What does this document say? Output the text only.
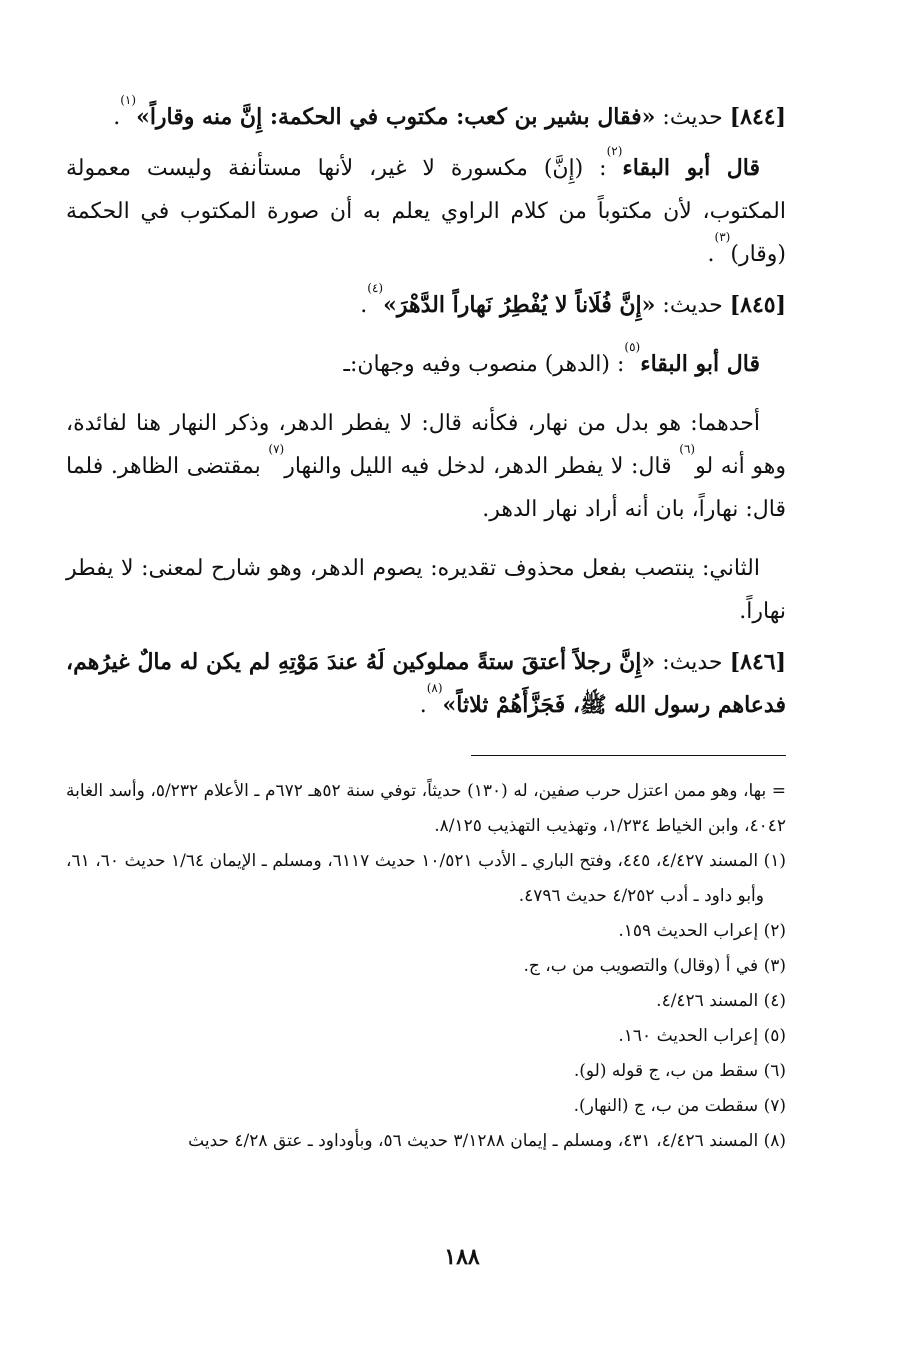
[٨٤٤] حديث: «فقال بشير بن كعب: مكتوب في الحكمة: إِنَّ منه وقاراً»$^{(١)}$.

قال أبو البقاء$^{(٢)}$: (إِنَّ) مكسورة لا غير، لأنها مستأنفة وليست معمولة المكتوب، لأن مكتوباً من كلام الراوي يعلم به أن صورة المكتوب في الحكمة (وقار)$^{(٣)}$.

[٨٤٥] حديث: «إِنَّ فُلَاناً لا يُفْطِرُ نَهاراً الدَّهْرَ»$^{(٤)}$.

قال أبو البقاء$^{(٥)}$: (الدهر) منصوب وفيه وجهان:ـ

أحدهما: هو بدل من نهار، فكأنه قال: لا يفطر الدهر، وذكر النهار هنا لفائدة، وهو أنه لو$^{(٦)}$ قال: لا يفطر الدهر، لدخل فيه الليل والنهار$^{(٧)}$ بمقتضى الظاهر. فلما قال: نهاراً، بان أنه أراد نهار الدهر.

الثاني: ينتصب بفعل محذوف تقديره: يصوم الدهر، وهو شارح لمعنى: لا يفطر نهاراً.

[٨٤٦] حديث: «إِنَّ رجلاً أعتقَ ستةً مملوكين لَهُ عندَ مَوْتِهِ لم يكن له مالٌ غيرُهم، فدعاهم رسول الله ﷺ، فَجَزَّأَهُمْ ثلاثاً»$^{(٨)}$.

= بها، وهو ممن اعتزل حرب صفين، له (١٣٠) حديثاً، توفي سنة ٥٢هـ ٦٧٢م ـ الأعلام ٥/٢٣٢، وأسد الغابة ٤٠٤٢، وابن الخياط ١/٢٣٤، وتهذيب التهذيب ٨/١٢٥.

(١) المسند ٤/٤٢٧، ٤٤٥، وفتح الباري ـ الأدب ١٠/٥٢١ حديث ٦١١٧، ومسلم ـ الإيمان ١/٦٤ حديث ٦٠، ٦١، وأبو داود ـ أدب ٤/٢٥٢ حديث ٤٧٩٦.

(٢) إعراب الحديث ١٥٩.

(٣) في أ (وقال) والتصويب من ب، ج.

(٤) المسند ٤/٤٢٦.

(٥) إعراب الحديث ١٦٠.

(٦) سقط من ب، ج قوله (لو).

(٧) سقطت من ب، ج (النهار).

(٨) المسند ٤/٤٢٦، ٤٣١، ومسلم ـ إيمان ٣/١٢٨٨ حديث ٥٦، وبأوداود ـ عتق ٤/٢٨ حديث

١٨٨
